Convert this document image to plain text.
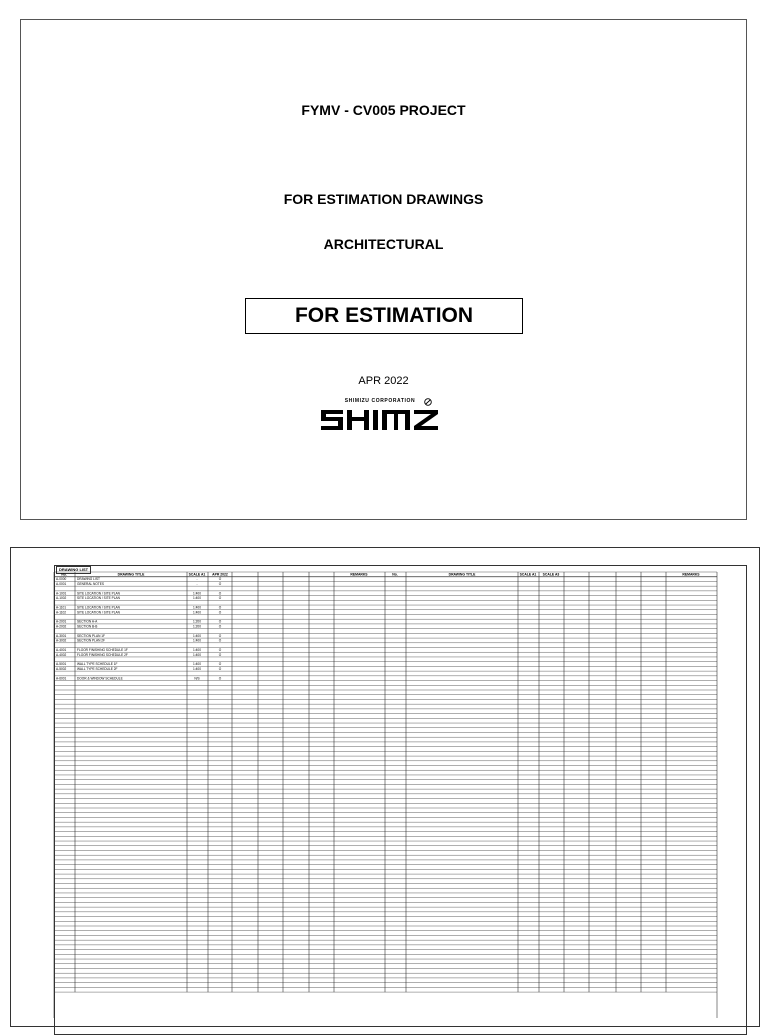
FYMV - CV005 PROJECT
FOR ESTIMATION DRAWINGS
ARCHITECTURAL
FOR ESTIMATION
APR 2022
SHIMIZU CORPORATION
DRAWING LIST
No.	DRAWING TITLE	SCALE A1 APR 2022	REMARKS	No.	DRAWING TITLE	SCALE A1 SCALE A3	REMARKS
A-0000	DRAWING LIST	-	O
A-0001	GENERAL NOTES	-	O
A-1001	SITE LOCATION / SITE PLAN	1:400	O
A-1002	SITE LOCATION / SITE PLAN	1:400	O
A-1101	SITE LOCATION / SITE PLAN	1:400	O
A-1102	SITE LOCATION / SITE PLAN	1:400	O
A-2001	SECTION A-A	1:200	O
A-2002	SECTION B-B	1:200	O
A-3001	SECTION PLAN 1F	1:400	O
A-3002	SECTION PLAN 2F	1:400	O
A-4001	FLOOR FINISHING SCHEDULE 1F	1:400	O
A-4002	FLOOR FINISHING SCHEDULE 2F	1:400	O
A-5001	WALL TYPE SCHEDULE 1F	1:400	O
A-5002	WALL TYPE SCHEDULE 2F	1:400	O
A-6001	DOOR & WINDOW SCHEDULE	N/S	O
